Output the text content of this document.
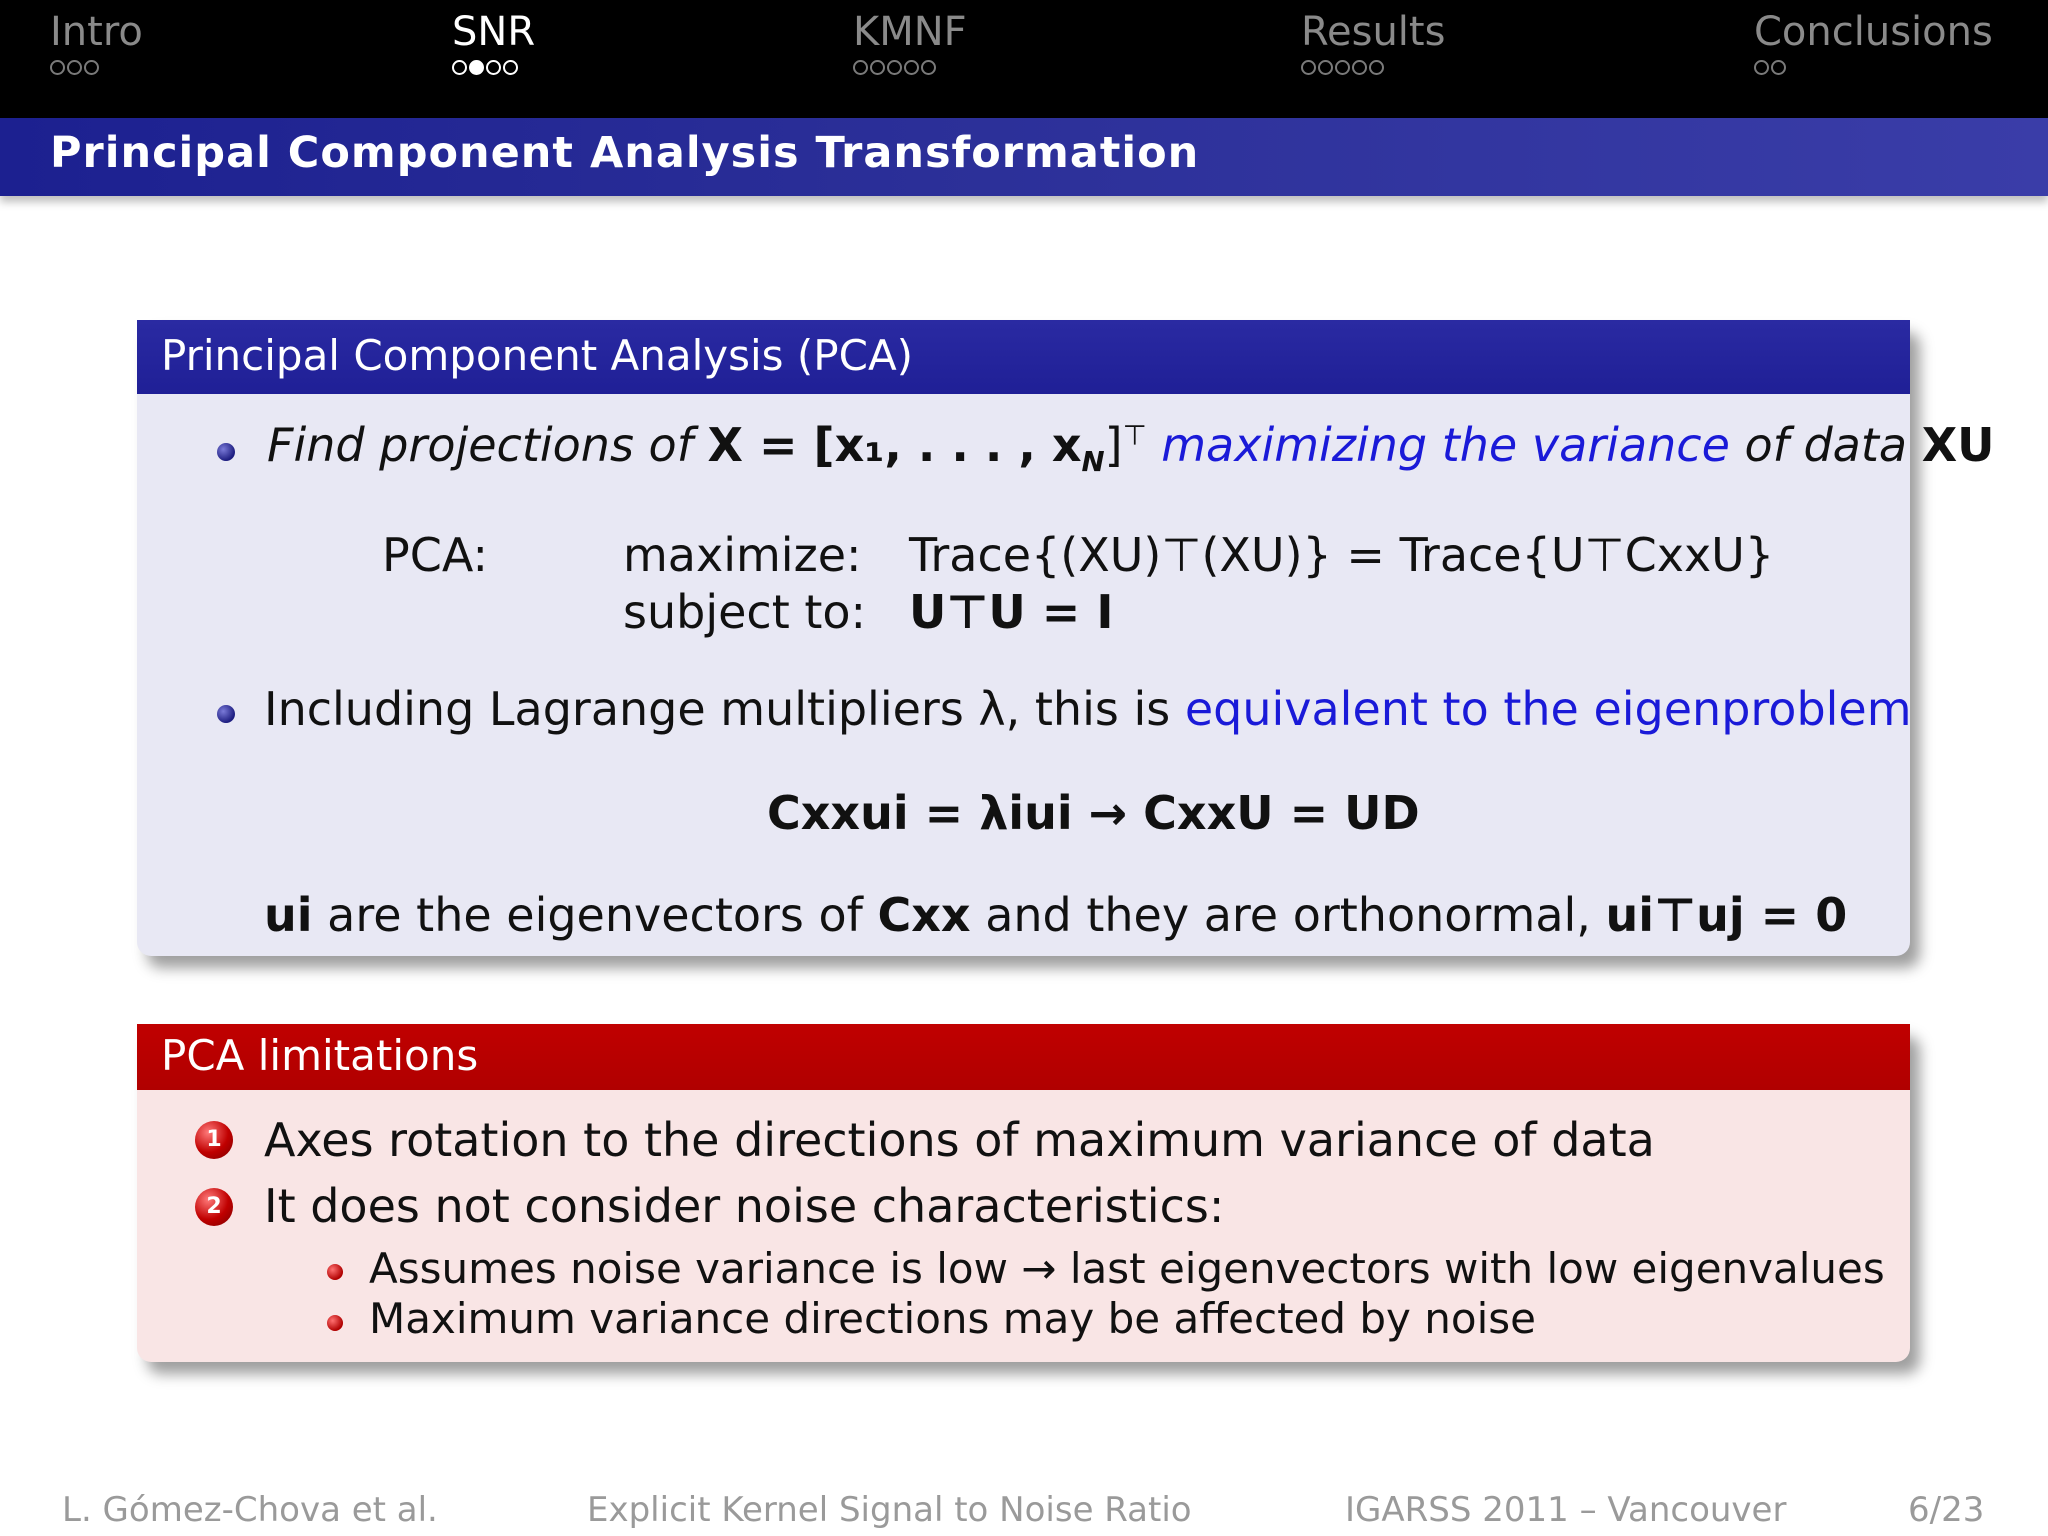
Intro	SNR	KMNF	Results	Conclusions
Principal Component Analysis Transformation
Principal Component Analysis (PCA)
Find projections of X = [x₁, . . . , $x_N]^⊤$ maximizing the variance of data XU
PCA:	maximize: Trace{(XU)⊤(XU)} = Trace{U⊤CxxU}
subject to: U⊤U = I
Including Lagrange multipliers λ, this is equivalent to the eigenproblem
Cxxui = λiui → CxxU = UD
ui are the eigenvectors of Cxx and they are orthonormal, ui⊤uj = 0
PCA limitations
1 Axes rotation to the directions of maximum variance of data
2 It does not consider noise characteristics:
Assumes noise variance is low → last eigenvectors with low eigenvalues
Maximum variance directions may be affected by noise
L. Gómez-Chova et al.	Explicit Kernel Signal to Noise Ratio	IGARSS 2011 – Vancouver	6/23
